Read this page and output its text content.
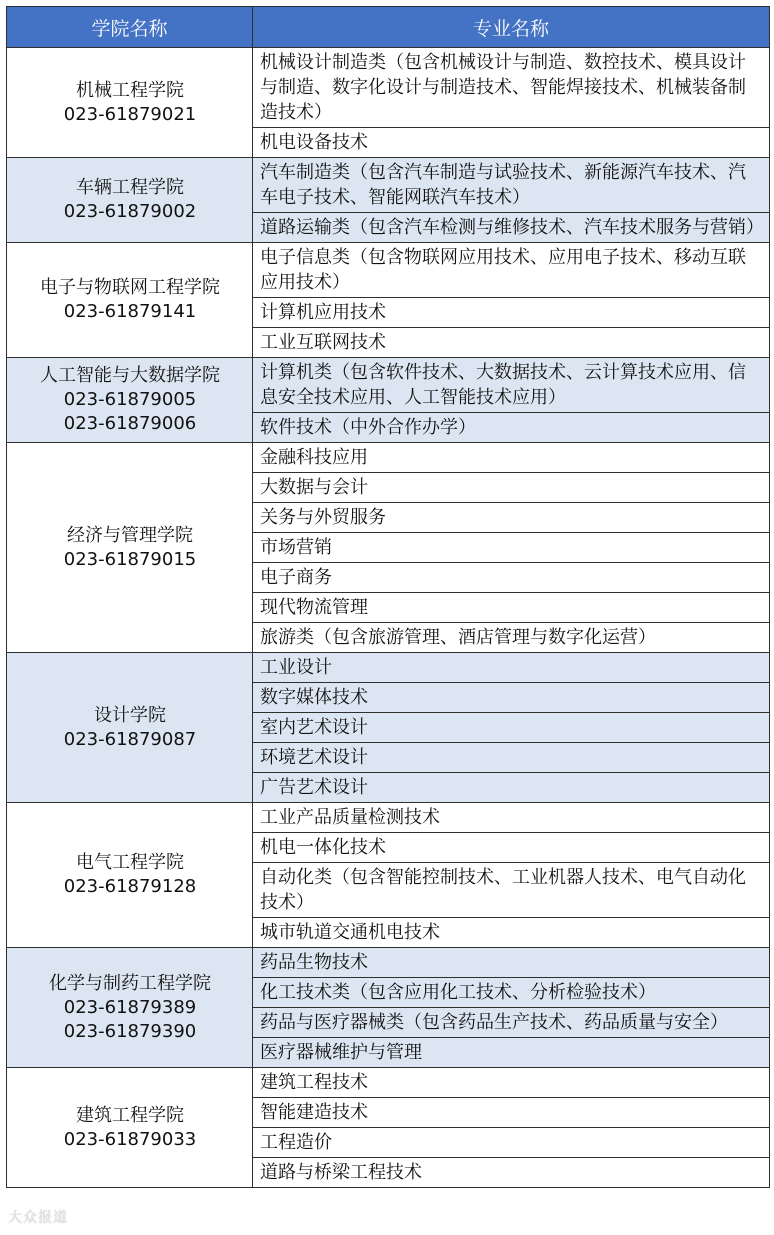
学院名称	专业名称

机械工程学院
023-61879021	机械设计制造类（包含机械设计与制造、数控技术、模具设计与制造、数字化设计与制造技术、智能焊接技术、机械装备制造技术）
	机电设备技术

车辆工程学院
023-61879002	汽车制造类（包含汽车制造与试验技术、新能源汽车技术、汽车电子技术、智能网联汽车技术）
	道路运输类（包含汽车检测与维修技术、汽车技术服务与营销）

电子与物联网工程学院
023-61879141	电子信息类（包含物联网应用技术、应用电子技术、移动互联应用技术）
	计算机应用技术
	工业互联网技术

人工智能与大数据学院
023-61879005
023-61879006	计算机类（包含软件技术、大数据技术、云计算技术应用、信息安全技术应用、人工智能技术应用）
	软件技术（中外合作办学）

经济与管理学院
023-61879015	金融科技应用
	大数据与会计
	关务与外贸服务
	市场营销
	电子商务
	现代物流管理
	旅游类（包含旅游管理、酒店管理与数字化运营）

设计学院
023-61879087	工业设计
	数字媒体技术
	室内艺术设计
	环境艺术设计
	广告艺术设计

电气工程学院
023-61879128	工业产品质量检测技术
	机电一体化技术
	自动化类（包含智能控制技术、工业机器人技术、电气自动化技术）
	城市轨道交通机电技术

化学与制药工程学院
023-61879389
023-61879390	药品生物技术
	化工技术类（包含应用化工技术、分析检验技术）
	药品与医疗器械类（包含药品生产技术、药品质量与安全）
	医疗器械维护与管理

建筑工程学院
023-61879033	建筑工程技术
	智能建造技术
	工程造价
	道路与桥梁工程技术
大众报道
